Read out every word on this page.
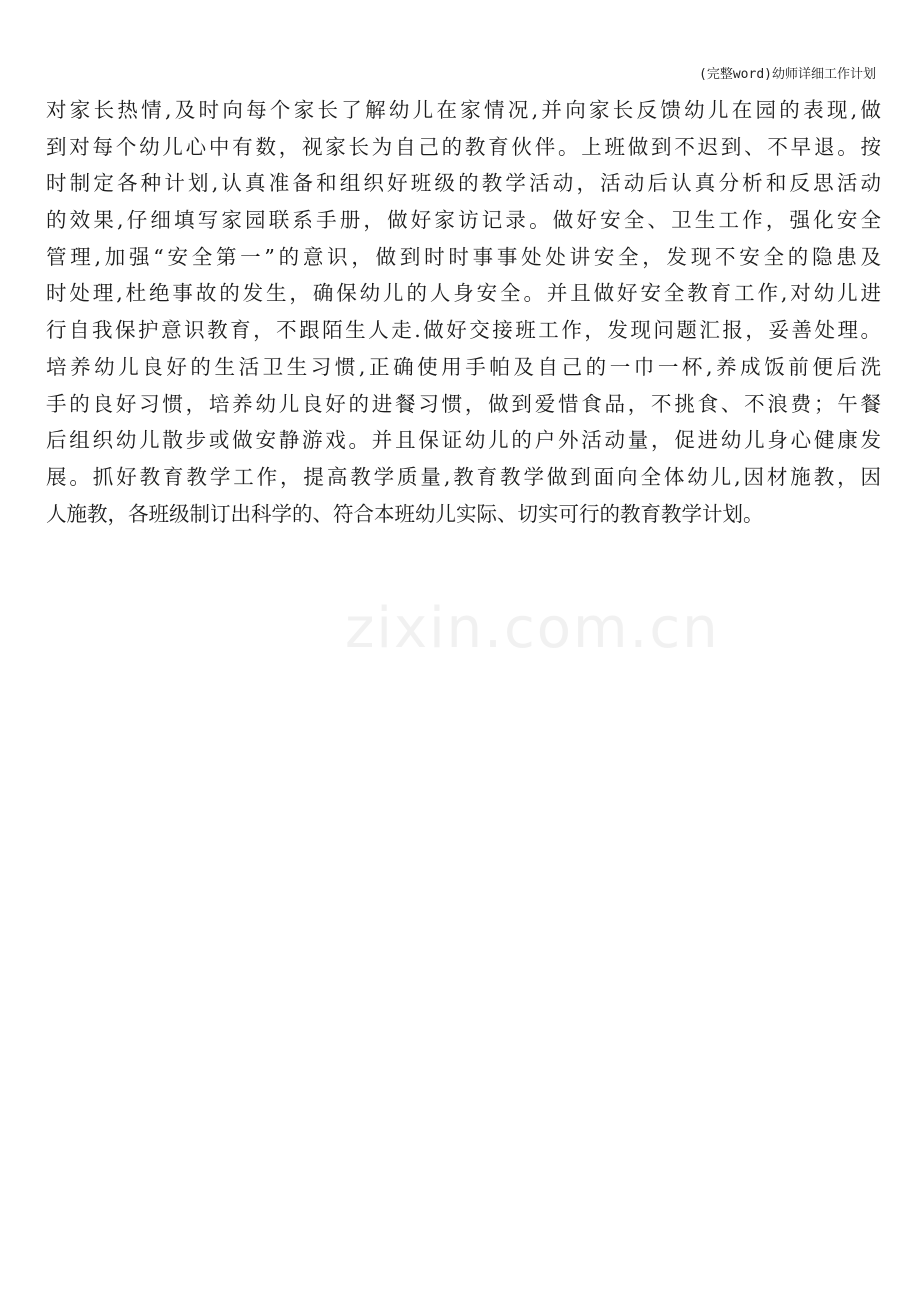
(完整word)幼师详细工作计划
对家长热情,及时向每个家长了解幼儿在家情况,并向家长反馈幼儿在园的表现,做
到对每个幼儿心中有数，视家长为自己的教育伙伴。上班做到不迟到、不早退。按
时制定各种计划,认真准备和组织好班级的教学活动，活动后认真分析和反思活动
的效果,仔细填写家园联系手册，做好家访记录。做好安全、卫生工作，强化安全
管理,加强“安全第一”的意识，做到时时事事处处讲安全，发现不安全的隐患及
时处理,杜绝事故的发生，确保幼儿的人身安全。并且做好安全教育工作,对幼儿进
行自我保护意识教育，不跟陌生人走.做好交接班工作，发现问题汇报，妥善处理。
培养幼儿良好的生活卫生习惯,正确使用手帕及自己的一巾一杯,养成饭前便后洗
手的良好习惯，培养幼儿良好的进餐习惯，做到爱惜食品，不挑食、不浪费；午餐
后组织幼儿散步或做安静游戏。并且保证幼儿的户外活动量，促进幼儿身心健康发
展。抓好教育教学工作，提高教学质量,教育教学做到面向全体幼儿,因材施教，因
人施教，各班级制订出科学的、符合本班幼儿实际、切实可行的教育教学计划。
zixin.com.cn
